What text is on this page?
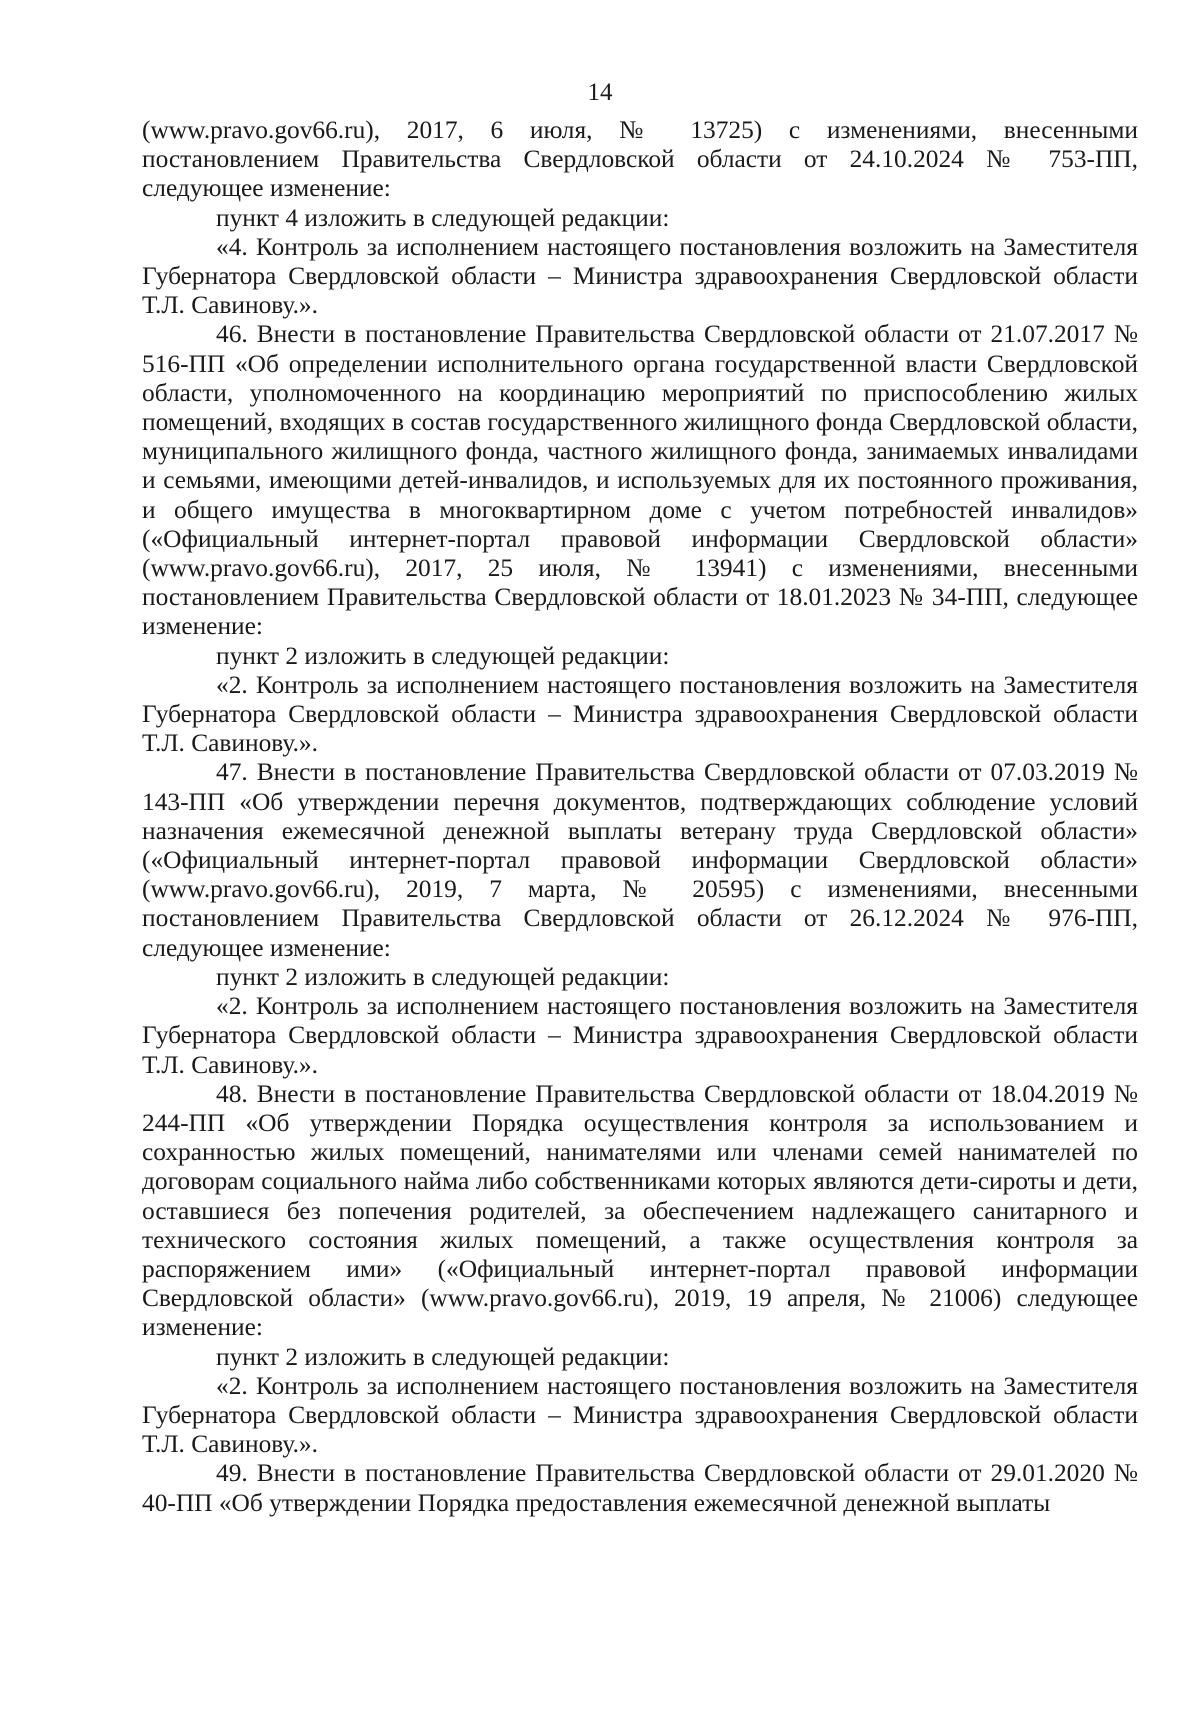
14

(www.pravo.gov66.ru), 2017, 6 июля, № 13725) с изменениями, внесенными постановлением Правительства Свердловской области от 24.10.2024 № 753-ПП, следующее изменение:

пункт 4 изложить в следующей редакции:

«4. Контроль за исполнением настоящего постановления возложить на Заместителя Губернатора Свердловской области – Министра здравоохранения Свердловской области Т.Л. Савинову.».

46. Внести в постановление Правительства Свердловской области от 21.07.2017 № 516-ПП «Об определении исполнительного органа государственной власти Свердловской области, уполномоченного на координацию мероприятий по приспособлению жилых помещений, входящих в состав государственного жилищного фонда Свердловской области, муниципального жилищного фонда, частного жилищного фонда, занимаемых инвалидами и семьями, имеющими детей-инвалидов, и используемых для их постоянного проживания, и общего имущества в многоквартирном доме с учетом потребностей инвалидов» («Официальный интернет-портал правовой информации Свердловской области» (www.pravo.gov66.ru), 2017, 25 июля, № 13941) с изменениями, внесенными постановлением Правительства Свердловской области от 18.01.2023 № 34-ПП, следующее изменение:

пункт 2 изложить в следующей редакции:

«2. Контроль за исполнением настоящего постановления возложить на Заместителя Губернатора Свердловской области – Министра здравоохранения Свердловской области Т.Л. Савинову.».

47. Внести в постановление Правительства Свердловской области от 07.03.2019 № 143-ПП «Об утверждении перечня документов, подтверждающих соблюдение условий назначения ежемесячной денежной выплаты ветерану труда Свердловской области» («Официальный интернет-портал правовой информации Свердловской области» (www.pravo.gov66.ru), 2019, 7 марта, № 20595) с изменениями, внесенными постановлением Правительства Свердловской области от 26.12.2024 № 976-ПП, следующее изменение:

пункт 2 изложить в следующей редакции:

«2. Контроль за исполнением настоящего постановления возложить на Заместителя Губернатора Свердловской области – Министра здравоохранения Свердловской области Т.Л. Савинову.».

48. Внести в постановление Правительства Свердловской области от 18.04.2019 № 244-ПП «Об утверждении Порядка осуществления контроля за использованием и сохранностью жилых помещений, нанимателями или членами семей нанимателей по договорам социального найма либо собственниками которых являются дети-сироты и дети, оставшиеся без попечения родителей, за обеспечением надлежащего санитарного и технического состояния жилых помещений, а также осуществления контроля за распоряжением ими» («Официальный интернет-портал правовой информации Свердловской области» (www.pravo.gov66.ru), 2019, 19 апреля, № 21006) следующее изменение:

пункт 2 изложить в следующей редакции:

«2. Контроль за исполнением настоящего постановления возложить на Заместителя Губернатора Свердловской области – Министра здравоохранения Свердловской области Т.Л. Савинову.».

49. Внести в постановление Правительства Свердловской области от 29.01.2020 № 40-ПП «Об утверждении Порядка предоставления ежемесячной денежной выплаты
